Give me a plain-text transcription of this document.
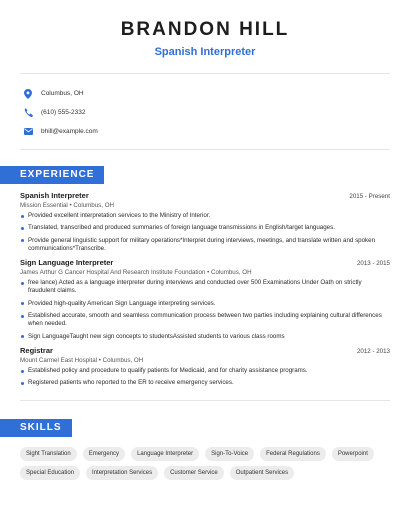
BRANDON HILL
Spanish Interpreter
Columbus, OH
(610) 555-2332
bhill@example.com
EXPERIENCE
Spanish Interpreter	2015 - Present
Mission Essential • Columbus, OH
Provided excellent interpretation services to the Ministry of Interior.
Translated, transcribed and produced summaries of foreign language transmissions in English/target languages.
Provide general linguistic support for military operations*Interpret during interviews, meetings, and translate written and spoken communications*Transcribe.
Sign Language Interpreter	2013 - 2015
James Arthur G Cancer Hospital And Research Institute Foundation • Columbus, OH
free lance) Acted as a language interpreter during interviews and conducted over 500 Examinations Under Oath on strictly fraudulent claims.
Provided high-quality American Sign Language interpreting services.
Established accurate, smooth and seamless communication process between two parties including explaining cultural differences when needed.
Sign LanguageTaught new sign concepts to studentsAssisted students to various class rooms
Registrar	2012 - 2013
Mount Carmel East Hospital • Columbus, OH
Established policy and procedure to qualify patients for Medicaid, and for charity assistance programs.
Registered patients who reported to the ER to receive emergency services.
SKILLS
Sight Translation	Emergency	Language Interpreter	Sign-To-Voice	Federal Regulations	Powerpoint
Special Education	Interpretation Services	Customer Service	Outpatient Services
